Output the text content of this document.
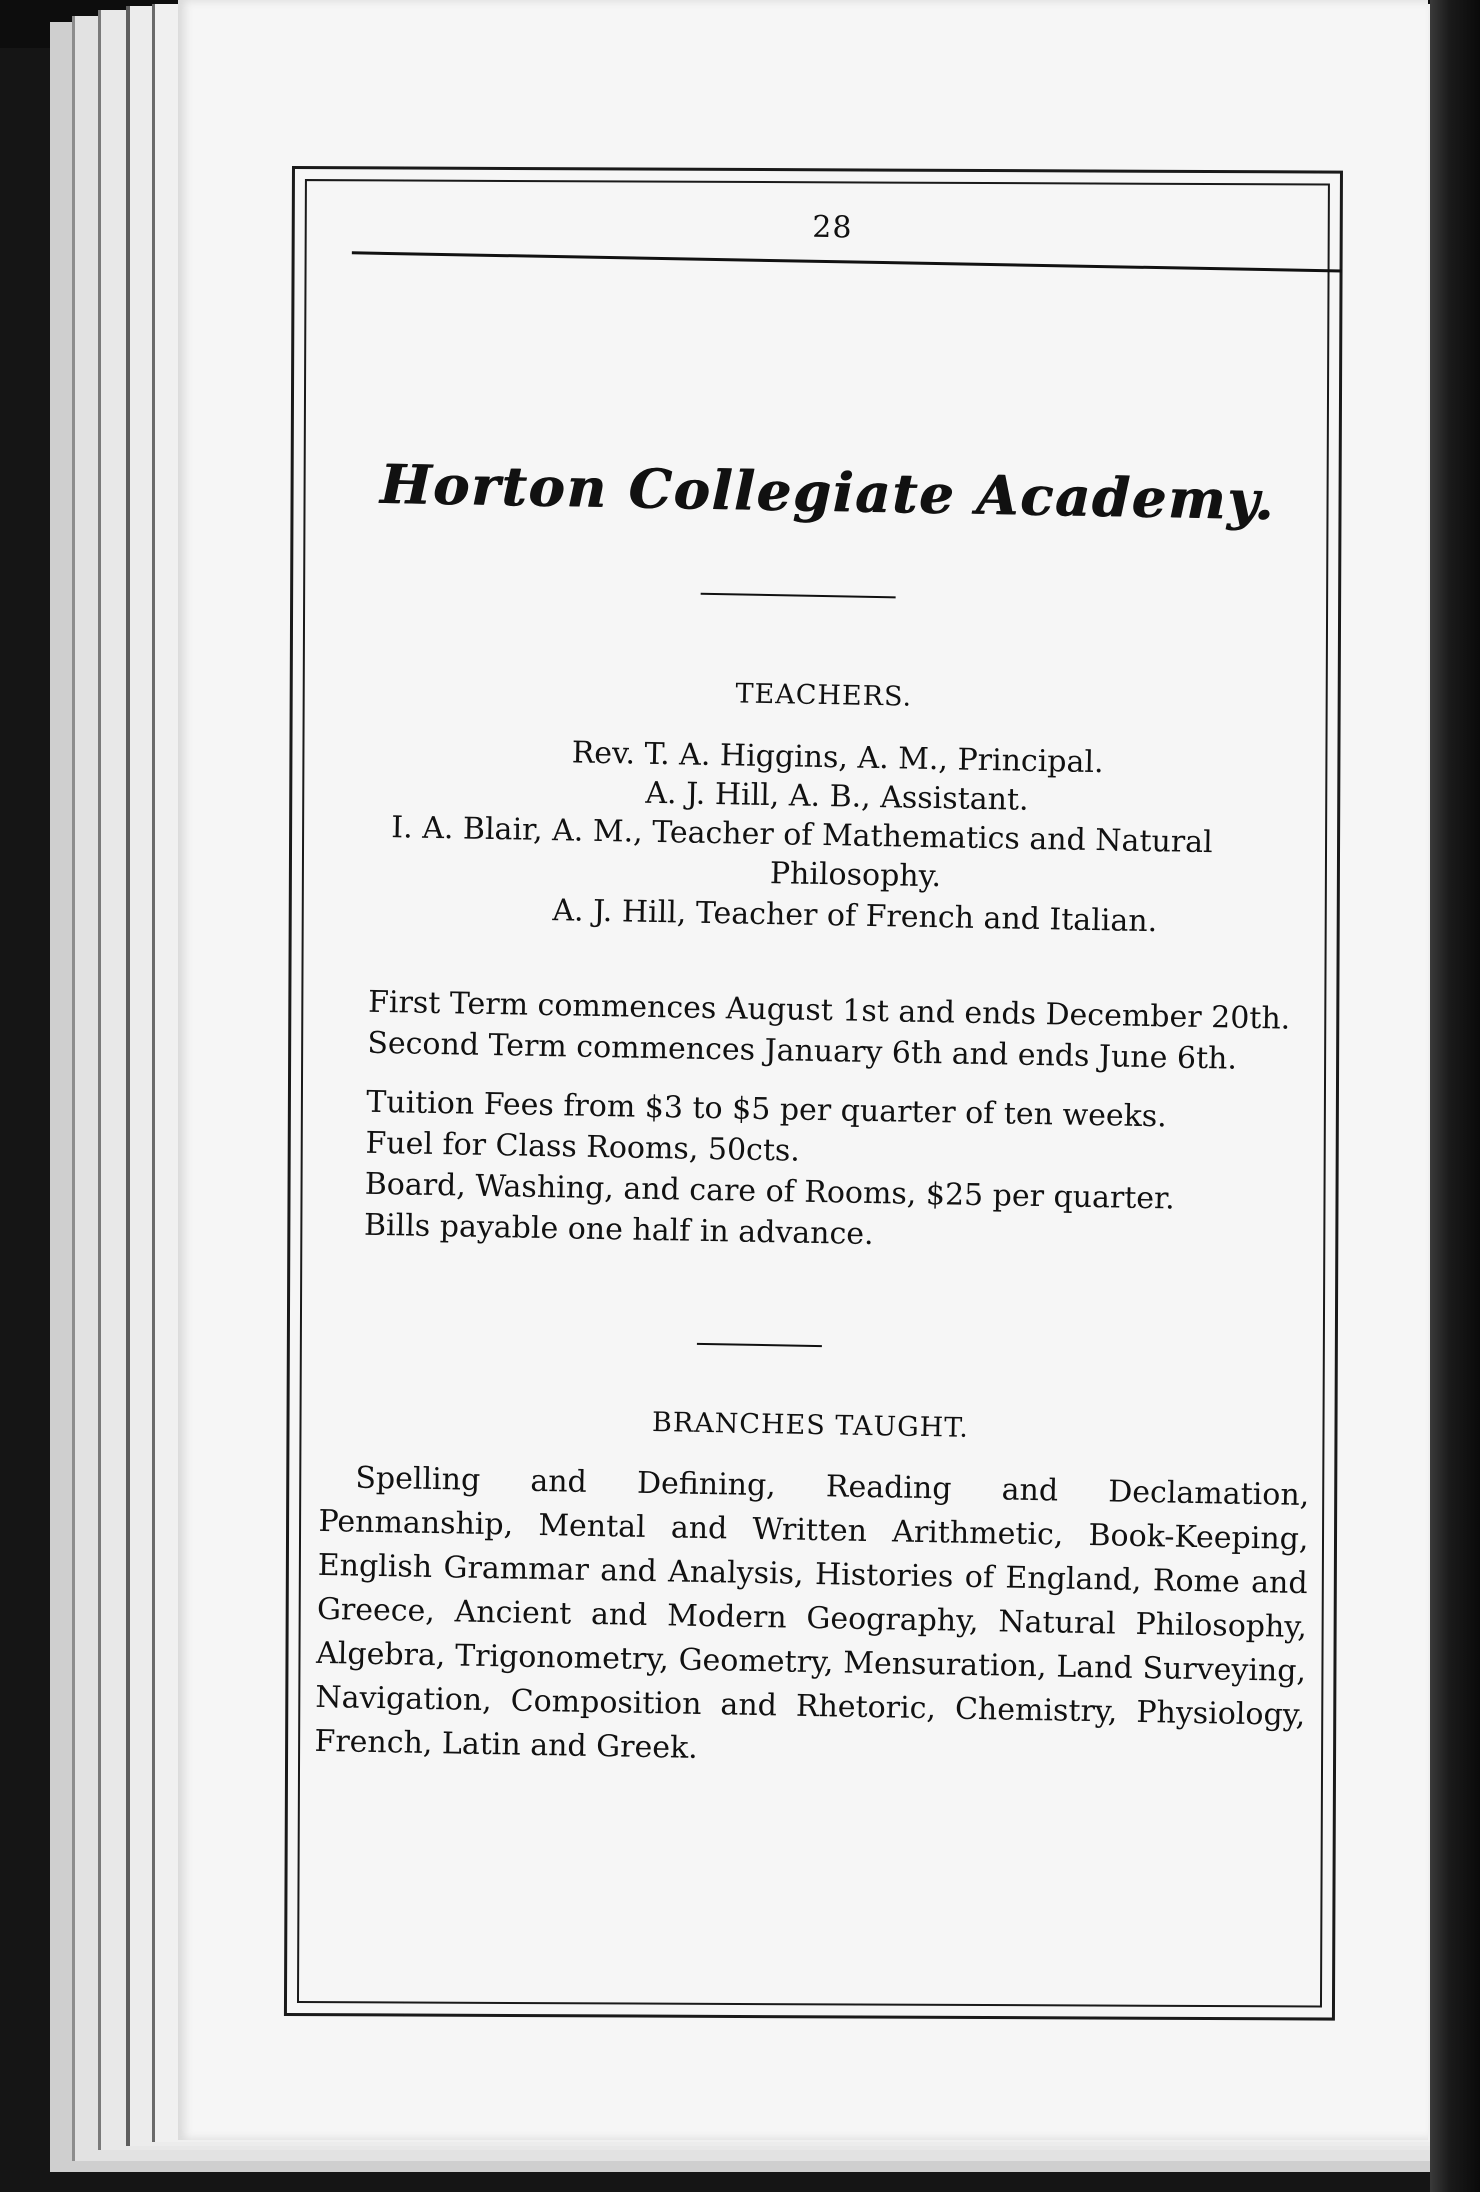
28
Horton Collegiate Academy.
TEACHERS.
Rev. T. A. Higgins, A. M., Principal.
A. J. Hill, A. B., Assistant.
I. A. Blair, A. M., Teacher of Mathematics and Natural
Philosophy.
A. J. Hill, Teacher of French and Italian.
First Term commences August 1st and ends December 20th.
Second Term commences January 6th and ends June 6th.
Tuition Fees from $3 to $5 per quarter of ten weeks.
Fuel for Class Rooms, 50cts.
Board, Washing, and care of Rooms, $25 per quarter.
Bills payable one half in advance.
BRANCHES TAUGHT.
Spelling and Defining, Reading and Declamation, Penmanship, Mental and Written Arithmetic, Book-Keeping, English Grammar and Analysis, Histories of England, Rome and Greece, Ancient and Modern Geography, Natural Philosophy, Algebra, Trigonometry, Geometry, Mensuration, Land Surveying, Navigation, Composition and Rhetoric, Chemistry, Physiology, French, Latin and Greek.
